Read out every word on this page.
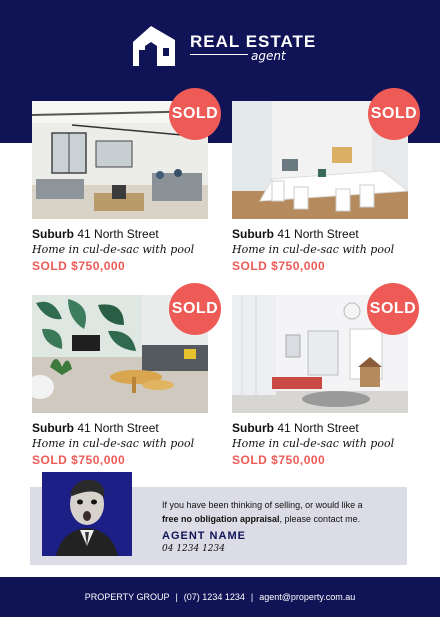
REAL ESTATE
agent
SOLD
Suburb 41 North Street
Home in cul-de-sac with pool
SOLD $750,000
SOLD
Suburb 41 North Street
Home in cul-de-sac with pool
SOLD $750,000
SOLD
Suburb 41 North Street
Home in cul-de-sac with pool
SOLD $750,000
SOLD
Suburb 41 North Street
Home in cul-de-sac with pool
SOLD $750,000
If you have been thinking of selling, or would like a
free no obligation appraisal, please contact me.
AGENT NAME
04 1234 1234
PROPERTY GROUP | (07) 1234 1234 | agent@property.com.au
